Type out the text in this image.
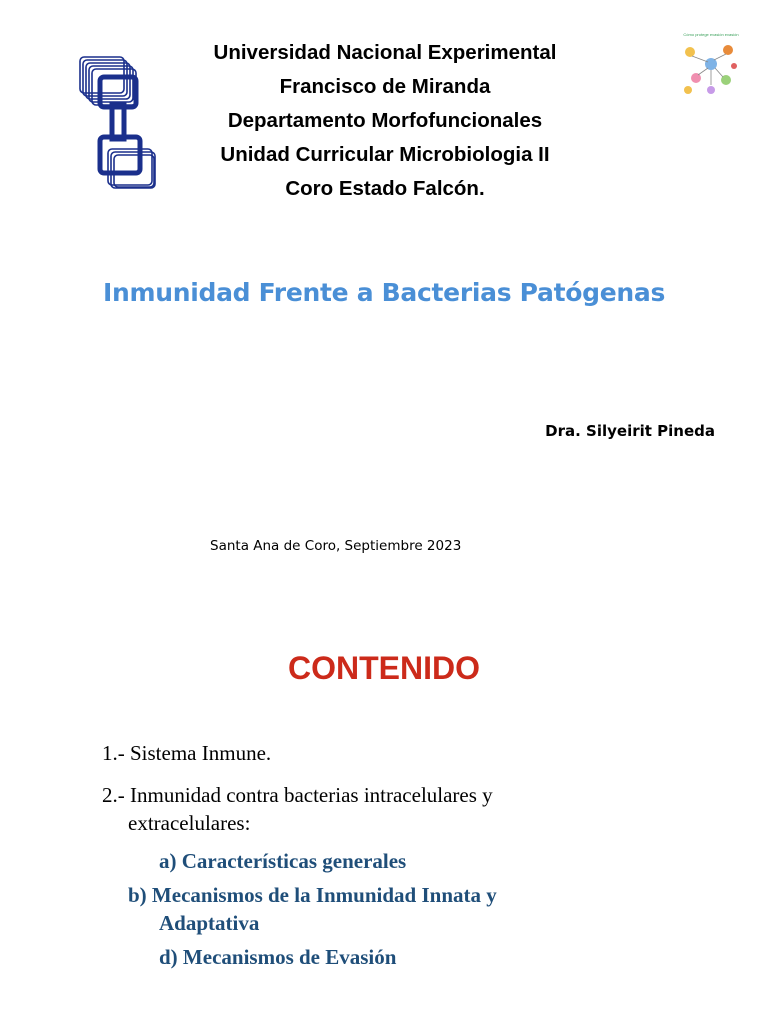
Cómo protege evasión evasión
Universidad Nacional Experimental
Francisco de Miranda
Departamento Morfofuncionales
Unidad Curricular Microbiologia II
Coro Estado Falcón.
Inmunidad Frente a Bacterias Patógenas
Dra. Silyeirit Pineda
Santa Ana de Coro, Septiembre 2023
CONTENIDO
1.- Sistema Inmune.
2.- Inmunidad contra bacterias intracelulares y
extracelulares:
a) Características generales
b) Mecanismos de la Inmunidad Innata y
Adaptativa
d) Mecanismos de Evasión
